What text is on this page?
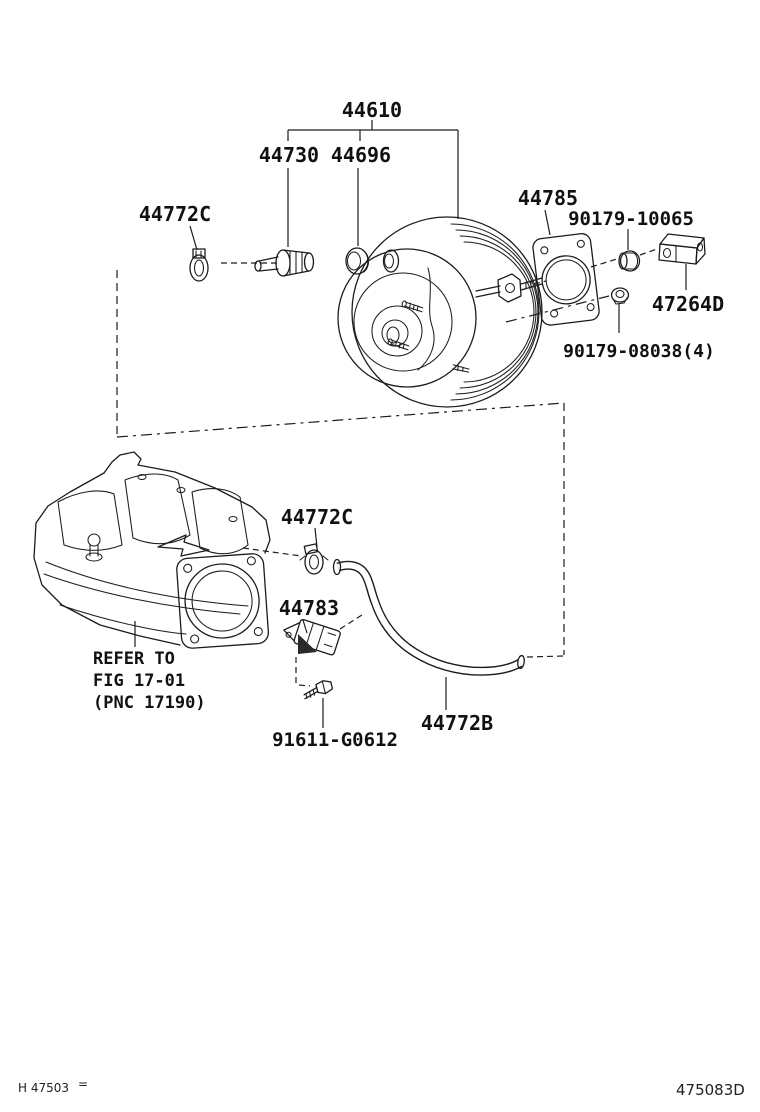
44610
44730 44696
44772C
44785
90179-10065
47264D
90179-08038(4)
44772C
44783
91611-G0612
44772B
REFER TO
FIG 17-01
(PNC 17190)
H 47503 =	475083D
